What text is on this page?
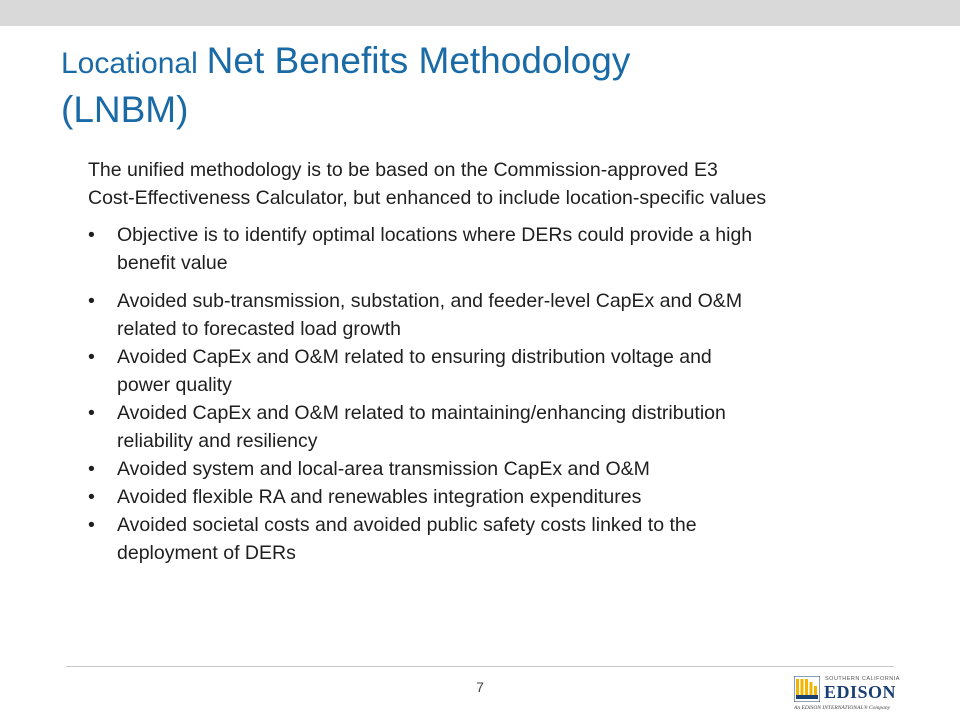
Locational Net Benefits Methodology (LNBM)

The unified methodology is to be based on the Commission-approved E3 Cost-Effectiveness Calculator, but enhanced to include location-specific values

• Objective is to identify optimal locations where DERs could provide a high benefit value
• Avoided sub-transmission, substation, and feeder-level CapEx and O&M related to forecasted load growth
• Avoided CapEx and O&M related to ensuring distribution voltage and power quality
• Avoided CapEx and O&M related to maintaining/enhancing distribution reliability and resiliency
• Avoided system and local-area transmission CapEx and O&M
• Avoided flexible RA and renewables integration expenditures
• Avoided societal costs and avoided public safety costs linked to the deployment of DERs
7	SOUTHERN CALIFORNIA
EDISON
An EDISON INTERNATIONAL® Company
